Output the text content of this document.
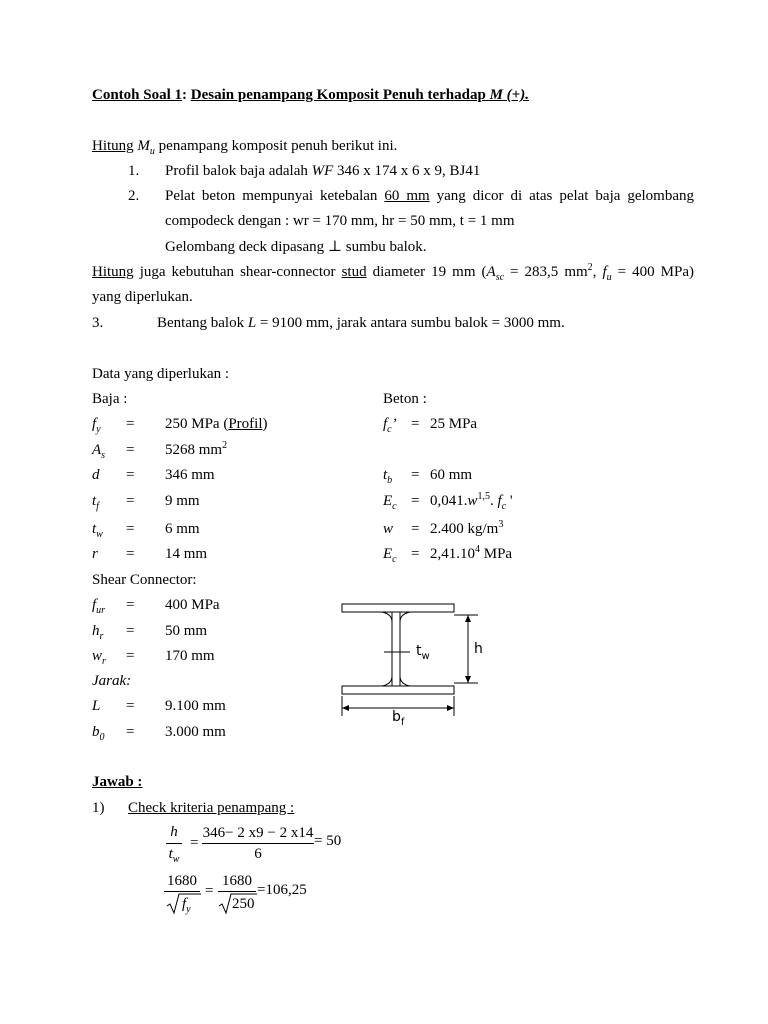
Contoh Soal 1: Desain penampang Komposit Penuh terhadap M (+).
Hitung $M_u$ penampang komposit penuh berikut ini.
1. Profil balok baja adalah WF 346 x 174 x 6 x 9, BJ41
2. Pelat beton mempunyai ketebalan 60 mm yang dicor di atas pelat baja gelombang
compodeck dengan : wr = 170 mm, hr = 50 mm, t = 1 mm
Gelombang deck dipasang ⊥ sumbu balok.
Hitung juga kebutuhan shear-connector stud diameter 19 mm ($A_{sc} = 283,5$ $mm^2$, $f_u = 400$ MPa)
yang diperlukan.
3.	Bentang balok L = 9100 mm, jarak antara sumbu balok = 3000 mm.
Data yang diperlukan :
Baja :	Beton :
$f_y = 250$ MPa (Profil)
$A_s = 5268$ $mm^2$
d = 346 mm
$t_f = 9$ mm
$t_w = 6$ mm
r = 14 mm
$f_c$’ = 25 MPa
$t_b = 60$ mm
$E_c = 0,041.w^{1,5}$. $f_c$ '
w = 2.400 $kg/m^3$
$E_c = 2,41.10^4$ MPa
Shear Connector:
$f_{ur} = 400$ MPa
$h_r = 50$ mm
$w_r = 170$ mm
Jarak:
L = 9.100 mm
$b_0 = 3.000$ mm
$t_w$	h
$b_f$
Jawab :
1) Check kriteria penampang :
h
$t_w$
=
346− 2 x9 − 2 x14
6
= 50
1680
$f_y$
=
1680
250
=106,25
